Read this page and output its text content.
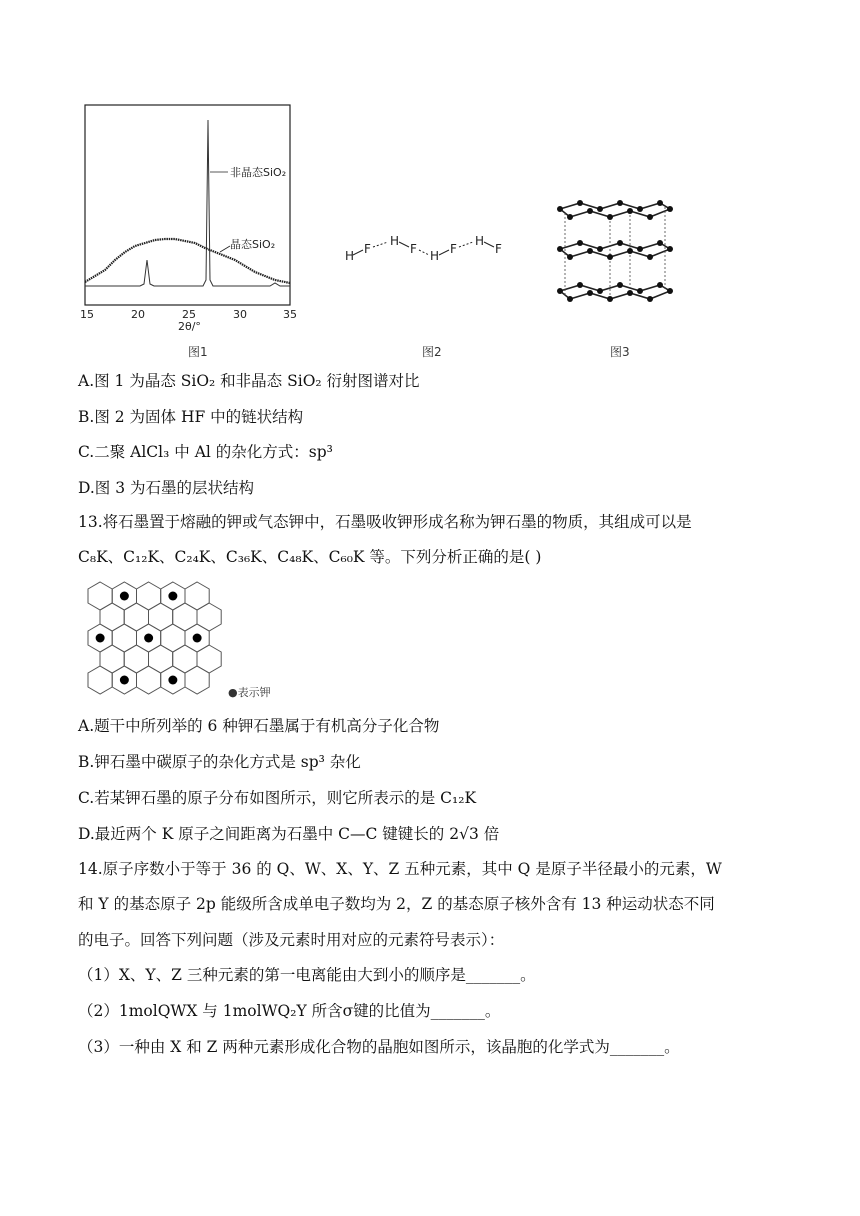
非晶态SiO₂
晶态SiO₂
15	20	25	30	35
2θ/°
图1
H F
H
F H F
H
F
图2	图3
A.图 1 为晶态 SiO₂ 和非晶态 SiO₂ 衍射图谱对比
B.图 2 为固体 HF 中的链状结构
C.二聚 AlCl₃ 中 Al 的杂化方式：sp³
D.图 3 为石墨的层状结构
13.将石墨置于熔融的钾或气态钾中，石墨吸收钾形成名称为钾石墨的物质，其组成可以是
C₈K、C₁₂K、C₂₄K、C₃₆K、C₄₈K、C₆₀K 等。下列分析正确的是( )
●表示钾
A.题干中所列举的 6 种钾石墨属于有机高分子化合物
B.钾石墨中碳原子的杂化方式是 sp³ 杂化
C.若某钾石墨的原子分布如图所示，则它所表示的是 C₁₂K
D.最近两个 K 原子之间距离为石墨中 C—C 键键长的 2√3 倍
14.原子序数小于等于 36 的 Q、W、X、Y、Z 五种元素，其中 Q 是原子半径最小的元素，W
和 Y 的基态原子 2p 能级所含成单电子数均为 2，Z 的基态原子核外含有 13 种运动状态不同
的电子。回答下列问题（涉及元素时用对应的元素符号表示）：
（1）X、Y、Z 三种元素的第一电离能由大到小的顺序是_______。
（2）1molQWX 与 1molWQ₂Y 所含σ键的比值为_______。
（3）一种由 X 和 Z 两种元素形成化合物的晶胞如图所示，该晶胞的化学式为_______。
